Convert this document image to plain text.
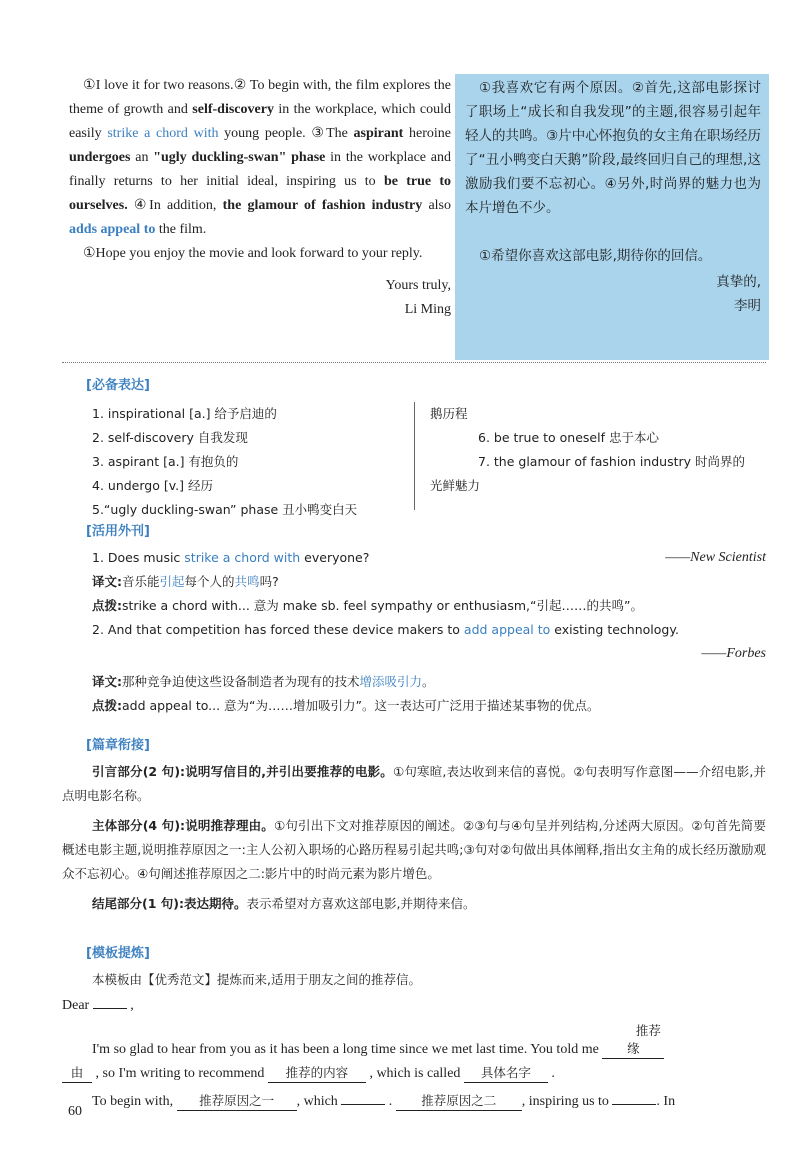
①I love it for two reasons.② To begin with, the film explores the theme of growth and self-discovery in the workplace, which could easily strike a chord with young people. ③The aspirant heroine undergoes an "ugly duckling-swan" phase in the workplace and finally returns to her initial ideal, inspiring us to be true to ourselves. ④In addition, the glamour of fashion industry also adds appeal to the film.

①Hope you enjoy the movie and look forward to your reply.

Yours truly,

Li Ming

①我喜欢它有两个原因。②首先,这部电影探讨了职场上“成长和自我发现”的主题,很容易引起年轻人的共鸣。③片中心怀抱负的女主角在职场经历了“丑小鸭变白天鹅”阶段,最终回归自己的理想,这激励我们要不忘初心。④另外,时尚界的魅力也为本片增色不少。

①希望你喜欢这部电影,期待你的回信。

真挚的,

李明

[必备表达]
1. inspirational [a.] 给予启迪的
2. self-discovery 自我发现
3. aspirant [a.] 有抱负的
4. undergo [v.] 经历
5.“ugly duckling-swan” phase 丑小鸭变白天
鹅历程
6. be true to oneself 忠于本心
7. the glamour of fashion industry 时尚界的
光鲜魅力
[活用外刊]
1. Does music strike a chord with everyone?	——New Scientist
译文:音乐能引起每个人的共鸣吗?
点拨:strike a chord with... 意为 make sb. feel sympathy or enthusiasm,“引起……的共鸣”。
2. And that competition has forced these device makers to add appeal to existing technology.
——Forbes
译文:那种竞争迫使这些设备制造者为现有的技术增添吸引力。
点拨:add appeal to... 意为“为……增加吸引力”。这一表达可广泛用于描述某事物的优点。
[篇章衔接]

引言部分(2 句):说明写信目的,并引出要推荐的电影。①句寒暄,表达收到来信的喜悦。②句表明写作意图——介绍电影,并点明电影名称。

主体部分(4 句):说明推荐理由。①句引出下文对推荐原因的阐述。②③句与④句呈并列结构,分述两大原因。②句首先简要概述电影主题,说明推荐原因之一:主人公初入职场的心路历程易引起共鸣;③句对②句做出具体阐释,指出女主角的成长经历激励观众不忘初心。④句阐述推荐原因之二:影片中的时尚元素为影片增色。

结尾部分(1 句):表达期待。表示希望对方喜欢这部电影,并期待来信。

[模板提炼]

本模板由【优秀范文】提炼而来,适用于朋友之间的推荐信。

Dear	,
I'm so glad to hear from you as it has been a long time since we met last time. You told me 推荐缘
由 , so I'm writing to recommend 推荐的内容 , which is called 具体名字 .
To begin with, 推荐原因之一 , which	. 推荐原因之二 , inspiring us to	. In
60
